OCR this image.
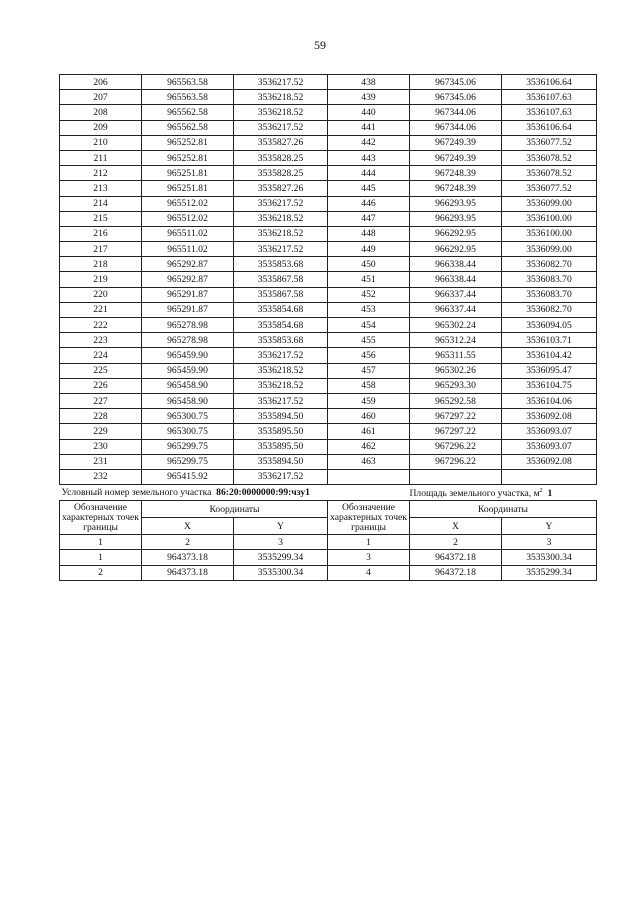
59
206	965563.58	3536217.52	438	967345.06	3536106.64
207	965563.58	3536218.52	439	967345.06	3536107.63
208	965562.58	3536218.52	440	967344.06	3536107.63
209	965562.58	3536217.52	441	967344.06	3536106.64
210	965252.81	3535827.26	442	967249.39	3536077.52
211	965252.81	3535828.25	443	967249.39	3536078.52
212	965251.81	3535828.25	444	967248.39	3536078.52
213	965251.81	3535827.26	445	967248.39	3536077.52
214	965512.02	3536217.52	446	966293.95	3536099.00
215	965512.02	3536218.52	447	966293.95	3536100.00
216	965511.02	3536218.52	448	966292.95	3536100.00
217	965511.02	3536217.52	449	966292.95	3536099.00
218	965292.87	3535853.68	450	966338.44	3536082.70
219	965292.87	3535867.58	451	966338.44	3536083.70
220	965291.87	3535867.58	452	966337.44	3536083.70
221	965291.87	3535854.68	453	966337.44	3536082.70
222	965278.98	3535854.68	454	965302.24	3536094.05
223	965278.98	3535853.68	455	965312.24	3536103.71
224	965459.90	3536217.52	456	965311.55	3536104.42
225	965459.90	3536218.52	457	965302.26	3536095.47
226	965458.90	3536218.52	458	965293.30	3536104.75
227	965458.90	3536217.52	459	965292.58	3536104.06
228	965300.75	3535894.50	460	967297.22	3536092.08
229	965300.75	3535895.50	461	967297.22	3536093.07
230	965299.75	3535895.50	462	967296.22	3536093.07
231	965299.75	3535894.50	463	967296.22	3536092.08
232	965415.92	3536217.52			
Условный номер земельного участка 86:20:0000000:99:чзу1				Площадь земельного участка, $м^2$ 1	
Обозначение характерных точек границы	Координаты		Обозначение характерных точек границы	Координаты	
	X	Y		X	Y
1	2	3	1	2	3
1	964373.18	3535299.34	3	964372.18	3535300.34
2	964373.18	3535300.34	4	964372.18	3535299.34
